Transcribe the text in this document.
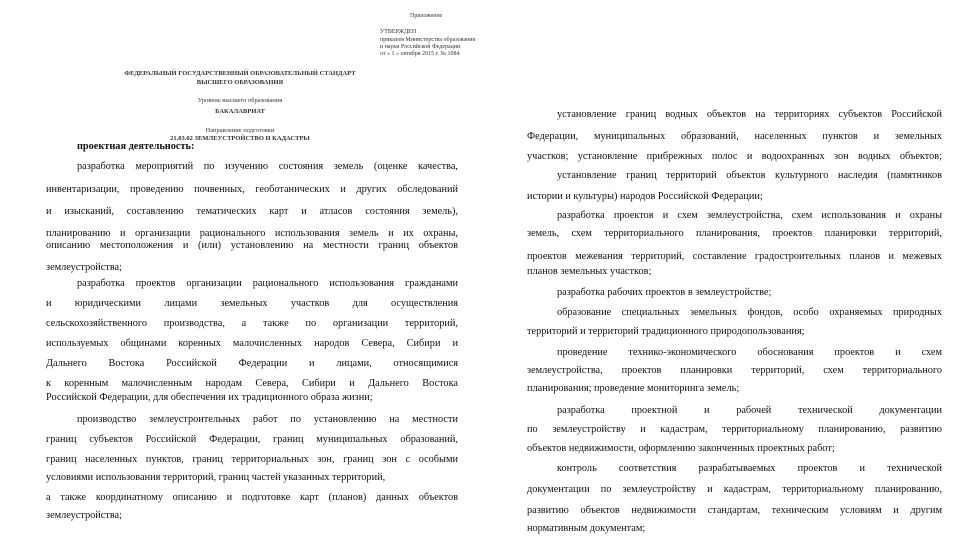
Приложение
УТВЕРЖДЕН
приказом Министерства образования
и науки Российской Федерации
от « 1 » октября 2015 г. № 1084
ФЕДЕРАЛЬНЫЙ ГОСУДАРСТВЕННЫЙ ОБРАЗОВАТЕЛЬНЫЙ СТАНДАРТ
ВЫСШЕГО ОБРАЗОВАНИЯ
Уровень высшего образования
БАКАЛАВРИАТ
Направление подготовки
21.03.02 ЗЕМЛЕУСТРОЙСТВО И КАДАСТРЫ
проектная деятельность:
разработка мероприятий по изучению состояния земель (оценке качества,
инвентаризации, проведению почвенных, геоботанических и других обследований
и изысканий, составлению тематических карт и атласов состояния земель),
планированию и организации рационального использования земель и их охраны,
описанию местоположения и (или) установлению на местности границ объектов
землеустройства;
разработка проектов организации рационального использования гражданами
и юридическими лицами земельных участков для осуществления
сельскохозяйственного производства, а также по организации территорий,
используемых общинами коренных малочисленных народов Севера, Сибири и
Дальнего Востока Российской Федерации и лицами, относящимися
к коренным малочисленным народам Севера, Сибири и Дальнего Востока
Российской Федерации, для обеспечения их традиционного образа жизни;
производство землеустроительных работ по установлению на местности
границ субъектов Российской Федерации, границ муниципальных образований,
границ населенных пунктов, границ территориальных зон, границ зон с особыми
условиями использования территорий, границ частей указанных территорий,
а также координатному описанию и подготовке карт (планов) данных объектов
землеустройства;
установление границ водных объектов на территориях субъектов Российской
Федерации, муниципальных образований, населенных пунктов и земельных
участков; установление прибрежных полос и водоохранных зон водных объектов;
установление границ территорий объектов культурного наследия (памятников
истории и культуры) народов Российской Федерации;
разработка проектов и схем землеустройства, схем использования и охраны
земель, схем территориального планирования, проектов планировки территорий,
проектов межевания территорий, составление градостроительных планов и межевых
планов земельных участков;
разработка рабочих проектов в землеустройстве;
образование специальных земельных фондов, особо охраняемых природных
территорий и территорий традиционного природопользования;
проведение технико-экономического обоснования проектов и схем
землеустройства, проектов планировки территорий, схем территориального
планирования; проведение мониторинга земель;
разработка проектной и рабочей технической документации
по землеустройству и кадастрам, территориальному планированию, развитию
объектов недвижимости, оформлению законченных проектных работ;
контроль соответствия разрабатываемых проектов и технической
документации по землеустройству и кадастрам, территориальному планированию,
развитию объектов недвижимости стандартам, техническим условиям и другим
нормативным документам;
